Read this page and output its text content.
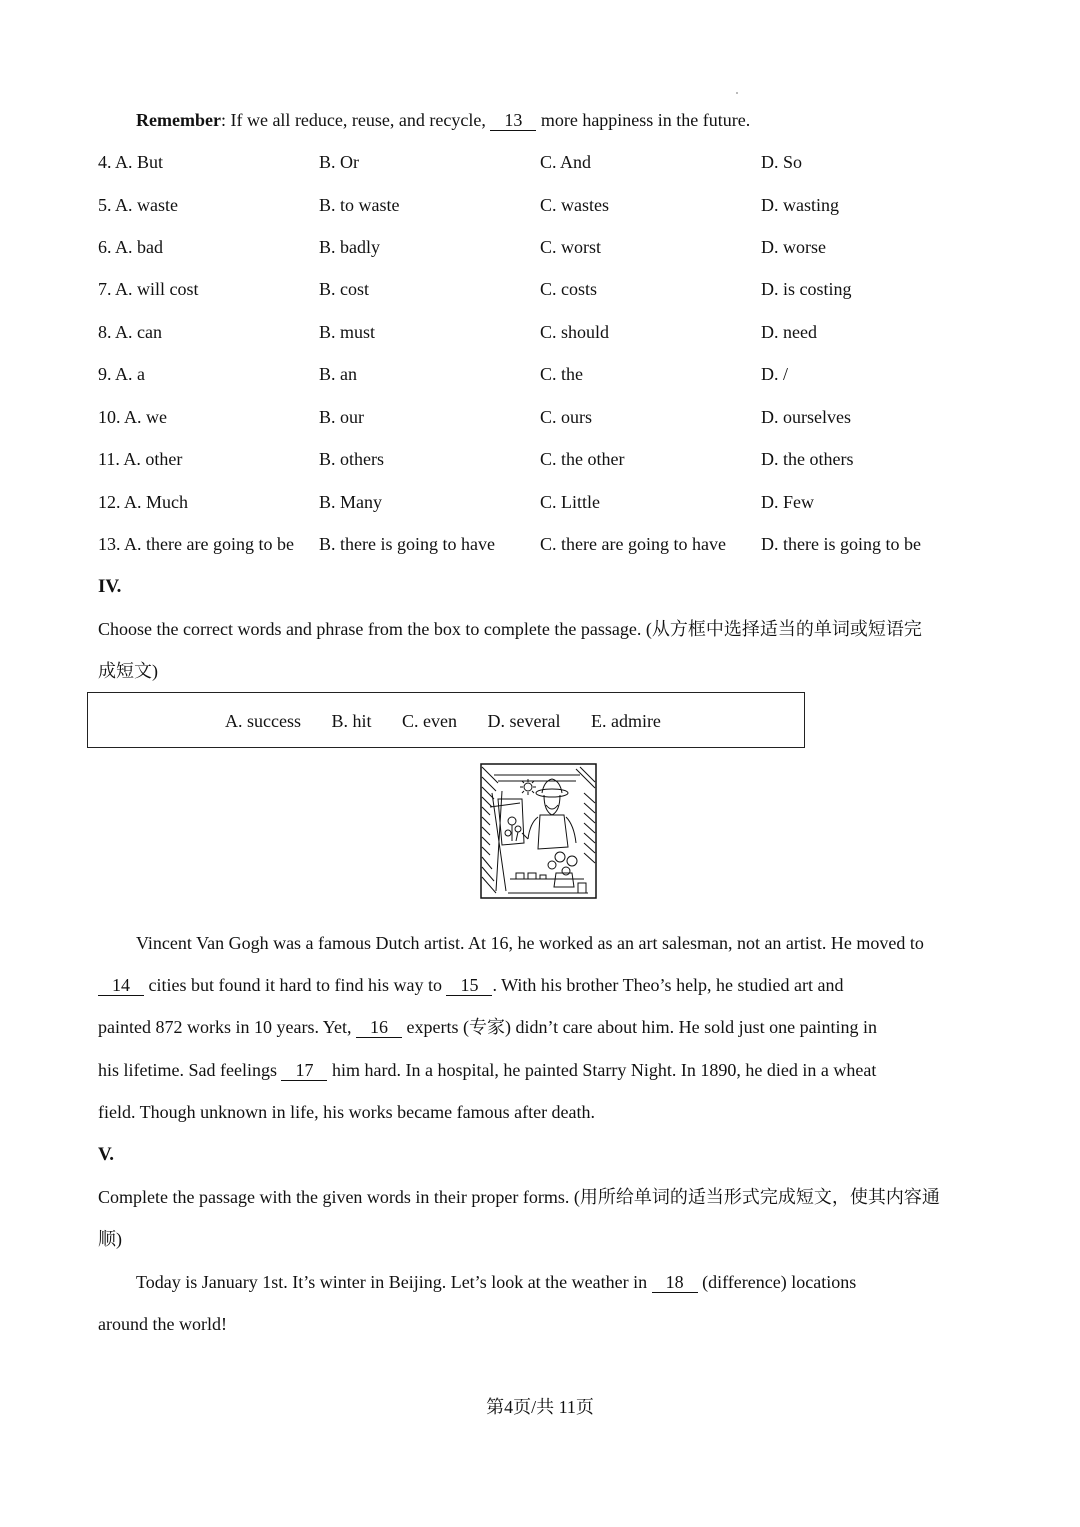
Remember: If we all reduce, reuse, and recycle, 13 more happiness in the future.
4. A. But	B. Or	C. And	D. So
5. A. waste	B. to waste	C. wastes	D. wasting
6. A. bad	B. badly	C. worst	D. worse
7. A. will cost	B. cost	C. costs	D. is costing
8. A. can	B. must	C. should	D. need
9. A. a	B. an	C. the	D. /
10. A. we	B. our	C. ours	D. ourselves
11. A. other	B. others	C. the other	D. the others
12. A. Much	B. Many	C. Little	D. Few
13. A. there are going to be B. there is going to have	C. there are going to have D. there is going to be
IV.
Choose the correct words and phrase from the box to complete the passage. (从方框中选择适当的单词或短语完
成短文)
A. success B. hit C. even D. several E. admire
Vincent Van Gogh was a famous Dutch artist. At 16, he worked as an art salesman, not an artist. He moved to
14 cities but found it hard to find his way to 15 . With his brother Theo’s help, he studied art and
painted 872 works in 10 years. Yet, 16 experts (专家) didn’t care about him. He sold just one painting in
his lifetime. Sad feelings 17 him hard. In a hospital, he painted Starry Night. In 1890, he died in a wheat
field. Though unknown in life, his works became famous after death.
V.
Complete the passage with the given words in their proper forms. (用所给单词的适当形式完成短文，使其内容通
顺)
Today is January 1st. It’s winter in Beijing. Let’s look at the weather in 18 (difference) locations
around the world!
第4页/共 11页
